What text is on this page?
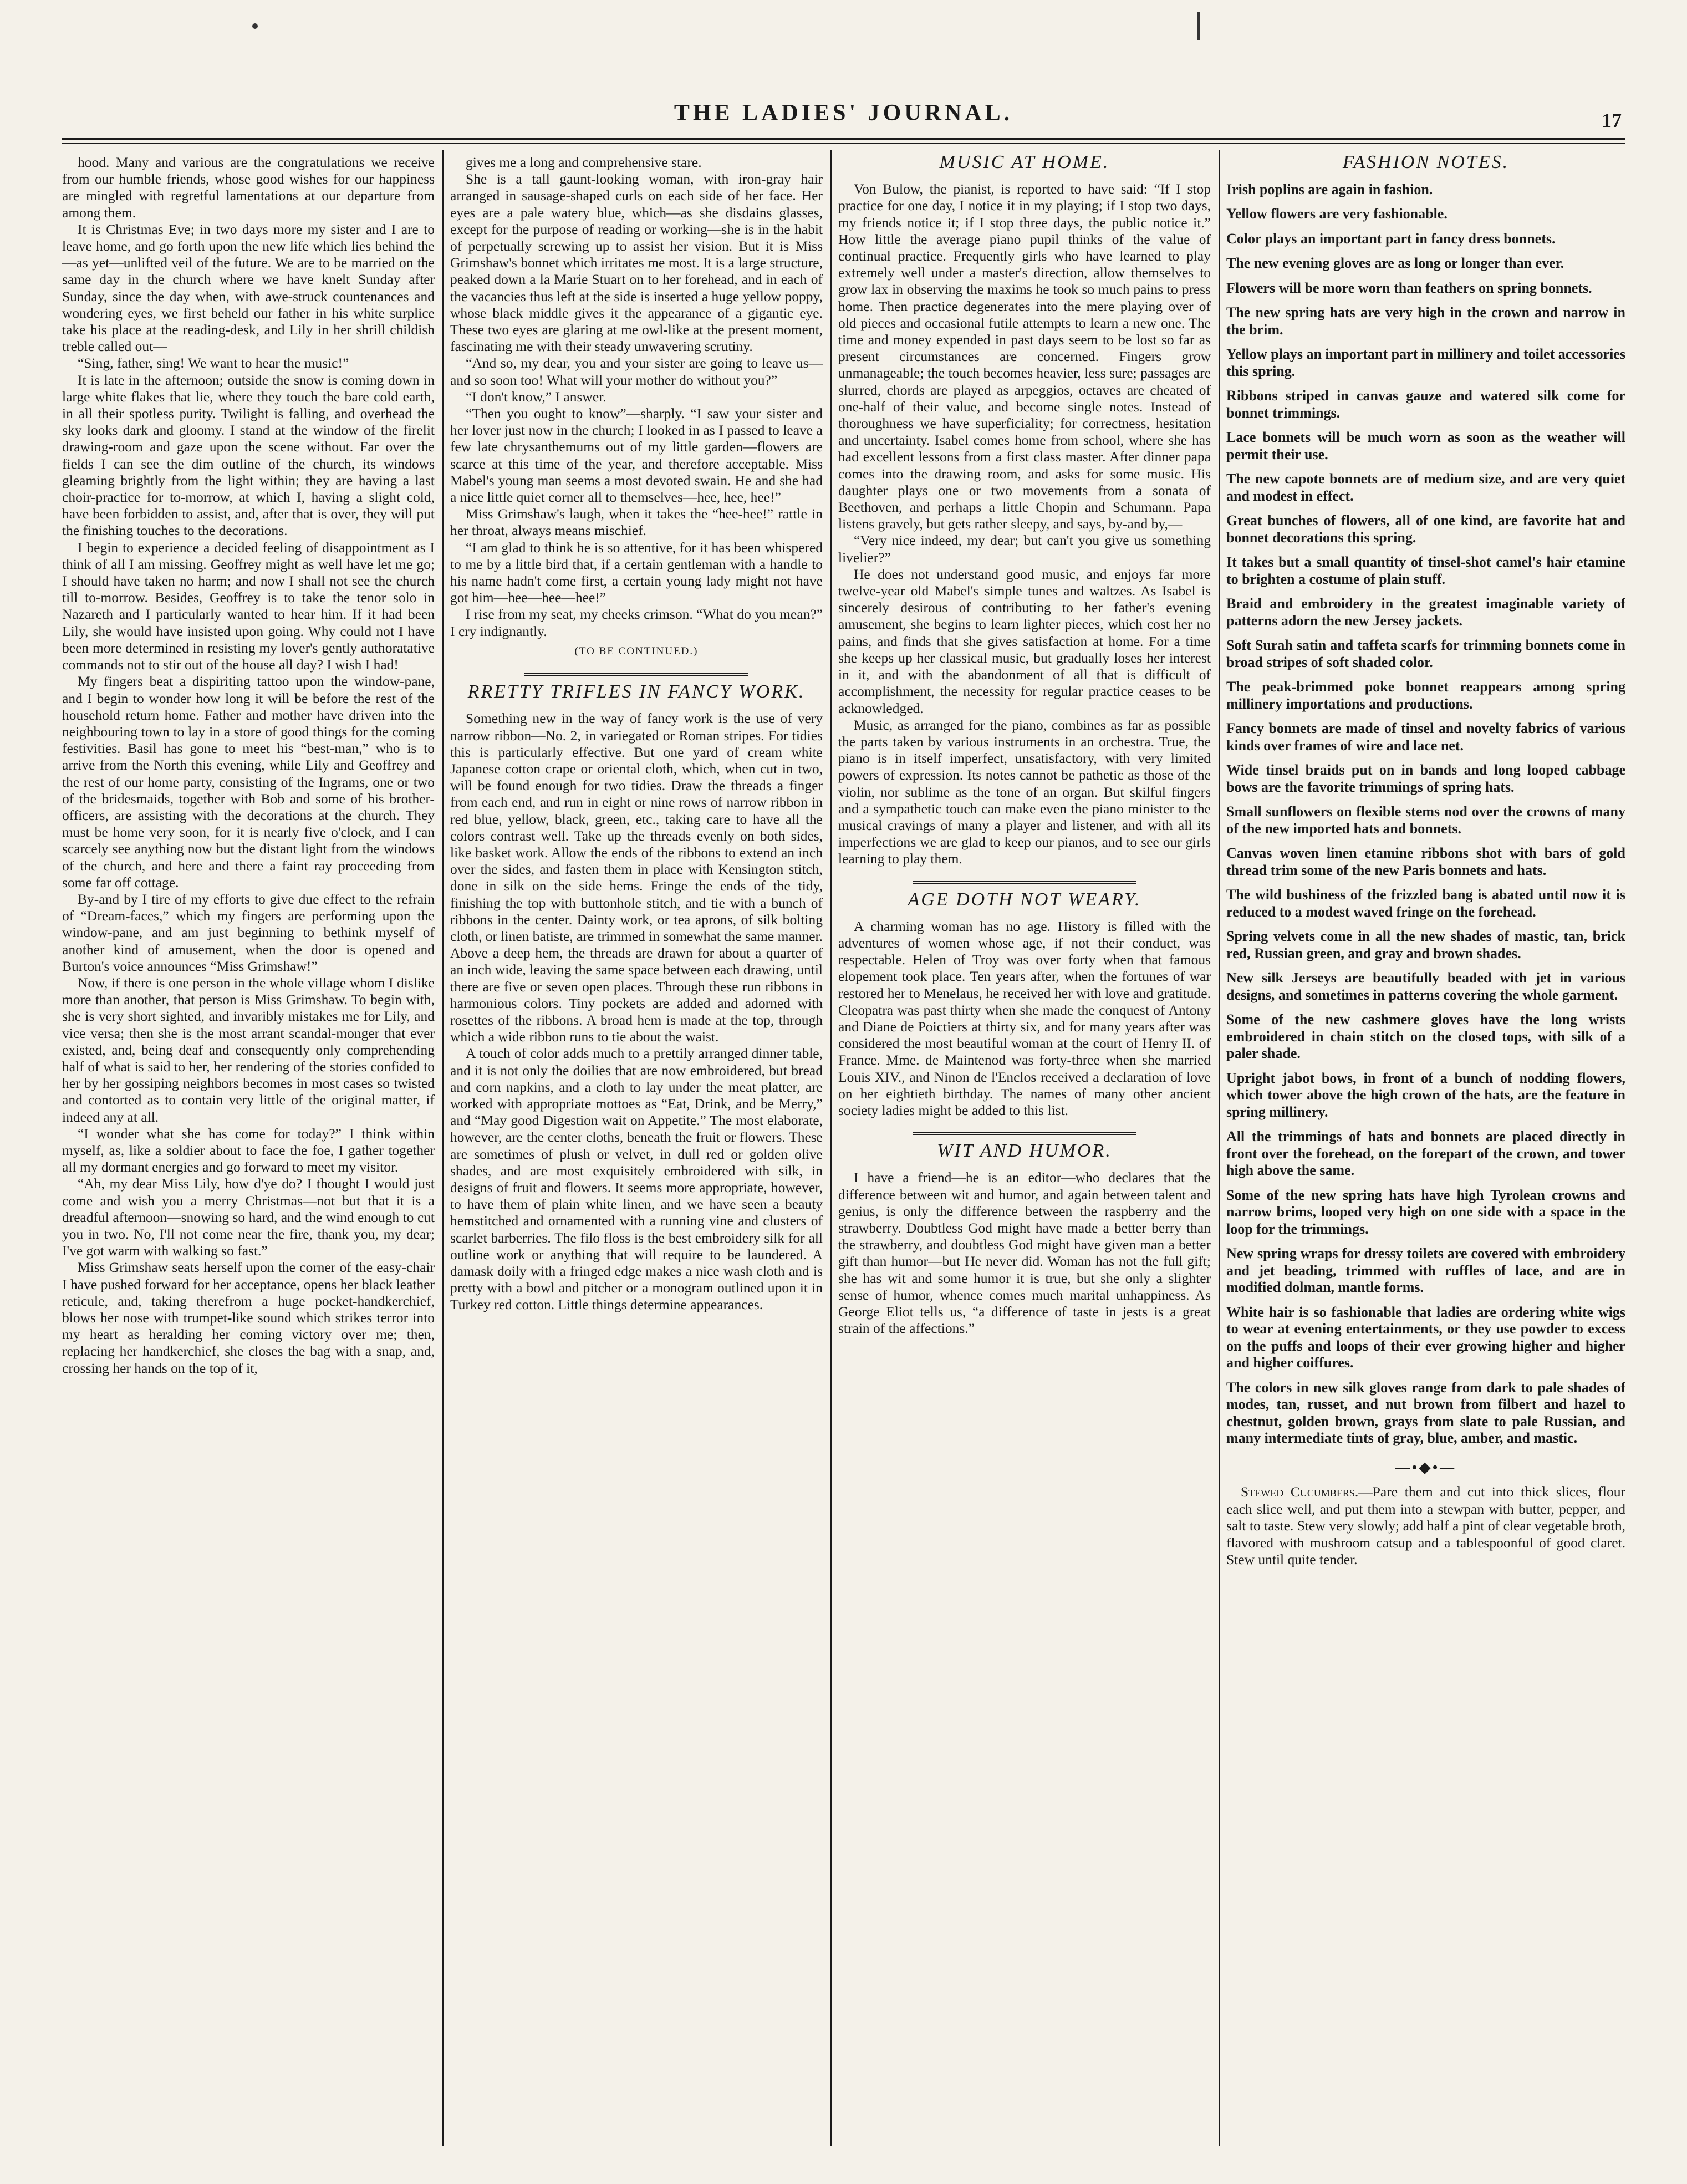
THE LADIES' JOURNAL.	17

hood. Many and various are the congratulations we receive from our humble friends, whose good wishes for our happiness are mingled with regretful lamentations at our departure from among them.

It is Christmas Eve; in two days more my sister and I are to leave home, and go forth upon the new life which lies behind the—as yet—unlifted veil of the future. We are to be married on the same day in the church where we have knelt Sunday after Sunday, since the day when, with awe-struck countenances and wondering eyes, we first beheld our father in his white surplice take his place at the reading-desk, and Lily in her shrill childish treble called out—

“Sing, father, sing! We want to hear the music!”

It is late in the afternoon; outside the snow is coming down in large white flakes that lie, where they touch the bare cold earth, in all their spotless purity. Twilight is falling, and overhead the sky looks dark and gloomy. I stand at the window of the firelit drawing-room and gaze upon the scene without. Far over the fields I can see the dim outline of the church, its windows gleaming brightly from the light within; they are having a last choir-practice for to-morrow, at which I, having a slight cold, have been forbidden to assist, and, after that is over, they will put the finishing touches to the decorations.

I begin to experience a decided feeling of disappointment as I think of all I am missing. Geoffrey might as well have let me go; I should have taken no harm; and now I shall not see the church till to-morrow. Besides, Geoffrey is to take the tenor solo in Nazareth and I particularly wanted to hear him. If it had been Lily, she would have insisted upon going. Why could not I have been more determined in resisting my lover's gently authoratative commands not to stir out of the house all day? I wish I had!

My fingers beat a dispiriting tattoo upon the window-pane, and I begin to wonder how long it will be before the rest of the household return home. Father and mother have driven into the neighbouring town to lay in a store of good things for the coming festivities. Basil has gone to meet his “best-man,” who is to arrive from the North this evening, while Lily and Geoffrey and the rest of our home party, consisting of the Ingrams, one or two of the bridesmaids, together with Bob and some of his brother-officers, are assisting with the decorations at the church. They must be home very soon, for it is nearly five o'clock, and I can scarcely see anything now but the distant light from the windows of the church, and here and there a faint ray proceeding from some far off cottage.

By-and by I tire of my efforts to give due effect to the refrain of “Dream-faces,” which my fingers are performing upon the window-pane, and am just beginning to bethink myself of another kind of amusement, when the door is opened and Burton's voice announces “Miss Grimshaw!”

Now, if there is one person in the whole village whom I dislike more than another, that person is Miss Grimshaw. To begin with, she is very short sighted, and invaribly mistakes me for Lily, and vice versa; then she is the most arrant scandal-monger that ever existed, and, being deaf and consequently only comprehending half of what is said to her, her rendering of the stories confided to her by her gossiping neighbors becomes in most cases so twisted and contorted as to contain very little of the original matter, if indeed any at all.

“I wonder what she has come for today?” I think within myself, as, like a soldier about to face the foe, I gather together all my dormant energies and go forward to meet my visitor.

“Ah, my dear Miss Lily, how d'ye do? I thought I would just come and wish you a merry Christmas—not but that it is a dreadful afternoon—snowing so hard, and the wind enough to cut you in two. No, I'll not come near the fire, thank you, my dear; I've got warm with walking so fast.”

Miss Grimshaw seats herself upon the corner of the easy-chair I have pushed forward for her acceptance, opens her black leather reticule, and, taking therefrom a huge pocket-handkerchief, blows her nose with trumpet-like sound which strikes terror into my heart as heralding her coming victory over me; then, replacing her handkerchief, she closes the bag with a snap, and, crossing her hands on the top of it,

gives me a long and comprehensive stare.

She is a tall gaunt-looking woman, with iron-gray hair arranged in sausage-shaped curls on each side of her face. Her eyes are a pale watery blue, which—as she disdains glasses, except for the purpose of reading or working—she is in the habit of perpetually screwing up to assist her vision. But it is Miss Grimshaw's bonnet which irritates me most. It is a large structure, peaked down a la Marie Stuart on to her forehead, and in each of the vacancies thus left at the side is inserted a huge yellow poppy, whose black middle gives it the appearance of a gigantic eye. These two eyes are glaring at me owl-like at the present moment, fascinating me with their steady unwavering scrutiny.

“And so, my dear, you and your sister are going to leave us—and so soon too! What will your mother do without you?”

“I don't know,” I answer.

“Then you ought to know”—sharply. “I saw your sister and her lover just now in the church; I looked in as I passed to leave a few late chrysanthemums out of my little garden—flowers are scarce at this time of the year, and therefore acceptable. Miss Mabel's young man seems a most devoted swain. He and she had a nice little quiet corner all to themselves—hee, hee, hee!”

Miss Grimshaw's laugh, when it takes the “hee-hee!” rattle in her throat, always means mischief.

“I am glad to think he is so attentive, for it has been whispered to me by a little bird that, if a certain gentleman with a handle to his name hadn't come first, a certain young lady might not have got him—hee—hee—hee!”

I rise from my seat, my cheeks crimson. “What do you mean?” I cry indignantly.

(TO BE CONTINUED.)
RRETTY TRIFLES IN FANCY WORK.

Something new in the way of fancy work is the use of very narrow ribbon—No. 2, in variegated or Roman stripes. For tidies this is particularly effective. But one yard of cream white Japanese cotton crape or oriental cloth, which, when cut in two, will be found enough for two tidies. Draw the threads a finger from each end, and run in eight or nine rows of narrow ribbon in red blue, yellow, black, green, etc., taking care to have all the colors contrast well. Take up the threads evenly on both sides, like basket work. Allow the ends of the ribbons to extend an inch over the sides, and fasten them in place with Kensington stitch, done in silk on the side hems. Fringe the ends of the tidy, finishing the top with buttonhole stitch, and tie with a bunch of ribbons in the center. Dainty work, or tea aprons, of silk bolting cloth, or linen batiste, are trimmed in somewhat the same manner. Above a deep hem, the threads are drawn for about a quarter of an inch wide, leaving the same space between each drawing, until there are five or seven open places. Through these run ribbons in harmonious colors. Tiny pockets are added and adorned with rosettes of the ribbons. A broad hem is made at the top, through which a wide ribbon runs to tie about the waist.

A touch of color adds much to a prettily arranged dinner table, and it is not only the doilies that are now embroidered, but bread and corn napkins, and a cloth to lay under the meat platter, are worked with appropriate mottoes as “Eat, Drink, and be Merry,” and “May good Digestion wait on Appetite.” The most elaborate, however, are the center cloths, beneath the fruit or flowers. These are sometimes of plush or velvet, in dull red or golden olive shades, and are most exquisitely embroidered with silk, in designs of fruit and flowers. It seems more appropriate, however, to have them of plain white linen, and we have seen a beauty hemstitched and ornamented with a running vine and clusters of scarlet barberries. The filo floss is the best embroidery silk for all outline work or anything that will require to be laundered. A damask doily with a fringed edge makes a nice wash cloth and is pretty with a bowl and pitcher or a monogram outlined upon it in Turkey red cotton. Little things determine appearances.

MUSIC AT HOME.

Von Bulow, the pianist, is reported to have said: “If I stop practice for one day, I notice it in my playing; if I stop two days, my friends notice it; if I stop three days, the public notice it.” How little the average piano pupil thinks of the value of continual practice. Frequently girls who have learned to play extremely well under a master's direction, allow themselves to grow lax in observing the maxims he took so much pains to press home. Then practice degenerates into the mere playing over of old pieces and occasional futile attempts to learn a new one. The time and money expended in past days seem to be lost so far as present circumstances are concerned. Fingers grow unmanageable; the touch becomes heavier, less sure; passages are slurred, chords are played as arpeggios, octaves are cheated of one-half of their value, and become single notes. Instead of thoroughness we have superficiality; for correctness, hesitation and uncertainty. Isabel comes home from school, where she has had excellent lessons from a first class master. After dinner papa comes into the drawing room, and asks for some music. His daughter plays one or two movements from a sonata of Beethoven, and perhaps a little Chopin and Schumann. Papa listens gravely, but gets rather sleepy, and says, by-and by,—

“Very nice indeed, my dear; but can't you give us something livelier?”

He does not understand good music, and enjoys far more twelve-year old Mabel's simple tunes and waltzes. As Isabel is sincerely desirous of contributing to her father's evening amusement, she begins to learn lighter pieces, which cost her no pains, and finds that she gives satisfaction at home. For a time she keeps up her classical music, but gradually loses her interest in it, and with the abandonment of all that is difficult of accomplishment, the necessity for regular practice ceases to be acknowledged.

Music, as arranged for the piano, combines as far as possible the parts taken by various instruments in an orchestra. True, the piano is in itself imperfect, unsatisfactory, with very limited powers of expression. Its notes cannot be pathetic as those of the violin, nor sublime as the tone of an organ. But skilful fingers and a sympathetic touch can make even the piano minister to the musical cravings of many a player and listener, and with all its imperfections we are glad to keep our pianos, and to see our girls learning to play them.

AGE DOTH NOT WEARY.

A charming woman has no age. History is filled with the adventures of women whose age, if not their conduct, was respectable. Helen of Troy was over forty when that famous elopement took place. Ten years after, when the fortunes of war restored her to Menelaus, he received her with love and gratitude. Cleopatra was past thirty when she made the conquest of Antony and Diane de Poictiers at thirty six, and for many years after was considered the most beautiful woman at the court of Henry II. of France. Mme. de Maintenod was forty-three when she married Louis XIV., and Ninon de l'Enclos received a declaration of love on her eightieth birthday. The names of many other ancient society ladies might be added to this list.

WIT AND HUMOR.

I have a friend—he is an editor—who declares that the difference between wit and humor, and again between talent and genius, is only the difference between the raspberry and the strawberry. Doubtless God might have made a better berry than the strawberry, and doubtless God might have given man a better gift than humor—but He never did. Woman has not the full gift; she has wit and some humor it is true, but she only a slighter sense of humor, whence comes much marital unhappiness. As George Eliot tells us, “a difference of taste in jests is a great strain of the affections.”

FASHION NOTES.

Irish poplins are again in fashion.

Yellow flowers are very fashionable.

Color plays an important part in fancy dress bonnets.

The new evening gloves are as long or longer than ever.

Flowers will be more worn than feathers on spring bonnets.

The new spring hats are very high in the crown and narrow in the brim.

Yellow plays an important part in millinery and toilet accessories this spring.

Ribbons striped in canvas gauze and watered silk come for bonnet trimmings.

Lace bonnets will be much worn as soon as the weather will permit their use.

The new capote bonnets are of medium size, and are very quiet and modest in effect.

Great bunches of flowers, all of one kind, are favorite hat and bonnet decorations this spring.

It takes but a small quantity of tinsel-shot camel's hair etamine to brighten a costume of plain stuff.

Braid and embroidery in the greatest imaginable variety of patterns adorn the new Jersey jackets.

Soft Surah satin and taffeta scarfs for trimming bonnets come in broad stripes of soft shaded color.

The peak-brimmed poke bonnet reappears among spring millinery importations and productions.

Fancy bonnets are made of tinsel and novelty fabrics of various kinds over frames of wire and lace net.

Wide tinsel braids put on in bands and long looped cabbage bows are the favorite trimmings of spring hats.

Small sunflowers on flexible stems nod over the crowns of many of the new imported hats and bonnets.

Canvas woven linen etamine ribbons shot with bars of gold thread trim some of the new Paris bonnets and hats.

The wild bushiness of the frizzled bang is abated until now it is reduced to a modest waved fringe on the forehead.

Spring velvets come in all the new shades of mastic, tan, brick red, Russian green, and gray and brown shades.

New silk Jerseys are beautifully beaded with jet in various designs, and sometimes in patterns covering the whole garment.

Some of the new cashmere gloves have the long wrists embroidered in chain stitch on the closed tops, with silk of a paler shade.

Upright jabot bows, in front of a bunch of nodding flowers, which tower above the high crown of the hats, are the feature in spring millinery.

All the trimmings of hats and bonnets are placed directly in front over the forehead, on the forepart of the crown, and tower high above the same.

Some of the new spring hats have high Tyrolean crowns and narrow brims, looped very high on one side with a space in the loop for the trimmings.

New spring wraps for dressy toilets are covered with embroidery and jet beading, trimmed with ruffles of lace, and are in modified dolman, mantle forms.

White hair is so fashionable that ladies are ordering white wigs to wear at evening entertainments, or they use powder to excess on the puffs and loops of their ever growing higher and higher and higher coiffures.

The colors in new silk gloves range from dark to pale shades of modes, tan, russet, and nut brown from filbert and hazel to chestnut, golden brown, grays from slate to pale Russian, and many intermediate tints of gray, blue, amber, and mastic.

—•◆•—

Stewed Cucumbers.—Pare them and cut into thick slices, flour each slice well, and put them into a stewpan with butter, pepper, and salt to taste. Stew very slowly; add half a pint of clear vegetable broth, flavored with mushroom catsup and a tablespoonful of good claret. Stew until quite tender.
